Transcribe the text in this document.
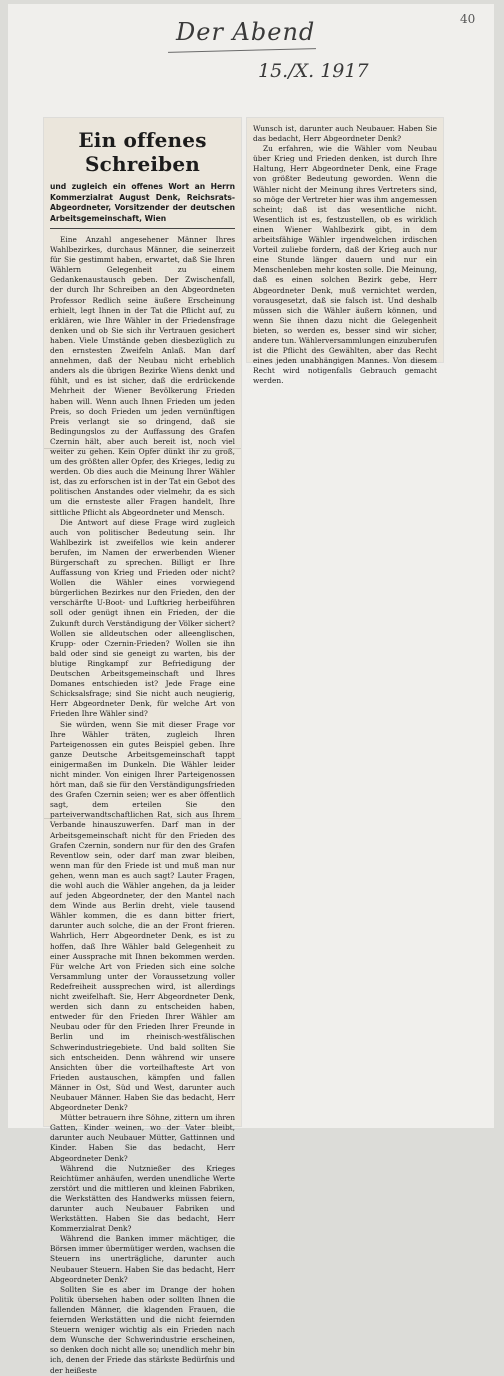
Der Abend
15./X. 1917
40
Ein offenes Schreiben
und zugleich ein offenes Wort an Herrn Kommerzialrat August Denk, Reichsrats-Abgeordneter, Vorsitzender der deutschen Arbeitsgemeinschaft, Wien

Eine Anzahl angesehener Männer Ihres Wahlbezirkes, durchaus Männer, die seinerzeit für Sie gestimmt haben, erwartet, daß Sie Ihren Wählern Gelegenheit zu einem Gedankenaustausch geben. Der Zwischenfall, der durch Ihr Schreiben an den Abgeordneten Professor Redlich seine äußere Erscheinung erhielt, legt Ihnen in der Tat die Pflicht auf, zu erklären, wie Ihre Wähler in der Friedensfrage denken und ob Sie sich ihr Vertrauen gesichert haben. Viele Umstände geben diesbezüglich zu den ernstesten Zweifeln Anlaß. Man darf annehmen, daß der Neubau nicht erheblich anders als die übrigen Bezirke Wiens denkt und fühlt, und es ist sicher, daß die erdrückende Mehrheit der Wiener Bevölkerung Frieden haben will. Wenn auch Ihnen Frieden um jeden Preis, so doch Frieden um jeden vernünftigen Preis verlangt sie so dringend, daß sie Bedingungslos zu der Auffassung des Grafen Czernin hält, aber auch bereit ist, noch viel weiter zu gehen. Kein Opfer dünkt ihr zu groß, um des größten aller Opfer, des Krieges, ledig zu werden. Ob dies auch die Meinung Ihrer Wähler ist, das zu erforschen ist in der Tat ein Gebot des politischen Anstandes oder vielmehr, da es sich um die ernsteste aller Fragen handelt, Ihre sittliche Pflicht als Abgeordneter und Mensch.

Die Antwort auf diese Frage wird zugleich auch von politischer Bedeutung sein. Ihr Wahlbezirk ist zweifellos wie kein anderer berufen, im Namen der erwerbenden Wiener Bürgerschaft zu sprechen. Billigt er Ihre Auffassung von Krieg und Frieden oder nicht? Wollen die Wähler eines vorwiegend bürgerlichen Bezirkes nur den Frieden, den der verschärfte U-Boot- und Luftkrieg herbeiführen soll oder genügt ihnen ein Frieden, der die Zukunft durch Verständigung der Völker sichert? Wollen sie alldeutschen oder alleenglischen, Krupp- oder Czernin-Frieden? Wollen sie ihn bald oder sind sie geneigt zu warten, bis der blutige Ringkampf zur Befriedigung der Deutschen Arbeitsgemeinschaft und Ihres Domanes entschieden ist? Jede Frage eine Schicksalsfrage; sind Sie nicht auch neugierig, Herr Abgeordneter Denk, für welche Art von Frieden Ihre Wähler sind?

Sie würden, wenn Sie mit dieser Frage vor Ihre Wähler träten, zugleich Ihren Parteigenossen ein gutes Beispiel geben. Ihre ganze Deutsche Arbeitsgemeinschaft tappt einigermaßen im Dunkeln. Die Wähler leider nicht minder. Von einigen Ihrer Parteigenossen hört man, daß sie für den Verständigungsfrieden des Grafen Czernin seien; wer es aber öffentlich sagt, dem erteilen Sie den parteiverwandtschaftlichen Rat, sich aus Ihrem Verbande hinauszuwerfen. Darf man in der Arbeitsgemeinschaft nicht für den Frieden des Grafen Czernin, sondern nur für den des Grafen Reventlow sein, oder darf man zwar bleiben, wenn man für den Friede ist und muß man nur gehen, wenn man es auch sagt? Lauter Fragen, die wohl auch die Wähler angehen, da ja leider auf jeden Abgeordneter, der den Mantel nach dem Winde aus Berlin dreht, viele tausend Wähler kommen, die es dann bitter friert, darunter auch solche, die an der Front frieren. Wahrlich, Herr Abgeordneter Denk, es ist zu hoffen, daß Ihre Wähler bald Gelegenheit zu einer Aussprache mit Ihnen bekommen werden. Für welche Art von Frieden sich eine solche Versammlung unter der Voraussetzung voller Redefreiheit aussprechen wird, ist allerdings nicht zweifelhaft. Sie, Herr Abgeordneter Denk, werden sich dann zu entscheiden haben, entweder für den Frieden Ihrer Wähler am Neubau oder für den Frieden Ihrer Freunde in Berlin und im rheinisch-westfälischen Schwerindustriegebiete. Und bald sollten Sie sich entscheiden. Denn während wir unsere Ansichten über die vorteilhafteste Art von Frieden austauschen, kämpfen und fallen Männer in Ost, Süd und West, darunter auch Neubauer Männer. Haben Sie das bedacht, Herr Abgeordneter Denk?

Mütter betrauern ihre Söhne, zittern um ihren Gatten, Kinder weinen, wo der Vater bleibt, darunter auch Neubauer Mütter, Gattinnen und Kinder. Haben Sie das bedacht, Herr Abgeordneter Denk?

Während die Nutznießer des Krieges Reichtümer anhäufen, werden unendliche Werte zerstört und die mittleren und kleinen Fabriken, die Werkstätten des Handwerks müssen feiern, darunter auch Neubauer Fabriken und Werkstätten. Haben Sie das bedacht, Herr Kommerzialrat Denk?

Während die Banken immer mächtiger, die Börsen immer übermütiger werden, wachsen die Steuern ins unerträgliche, darunter auch Neubauer Steuern. Haben Sie das bedacht, Herr Abgeordneter Denk?

Sollten Sie es aber im Drange der hohen Politik übersehen haben oder sollten Ihnen die fallenden Männer, die klagenden Frauen, die feiernden Werkstätten und die nicht feiernden Steuern weniger wichtig als ein Frieden nach dem Wunsche der Schwerindustrie erscheinen, so denken doch nicht alle so; unendlich mehr bin ich, denen der Friede das stärkste Bedürfnis und der heißeste

Wunsch ist, darunter auch Neubauer. Haben Sie das bedacht, Herr Abgeordneter Denk?

Zu erfahren, wie die Wähler vom Neubau über Krieg und Frieden denken, ist durch Ihre Haltung, Herr Abgeordneter Denk, eine Frage von größter Bedeutung geworden. Wenn die Wähler nicht der Meinung ihres Vertreters sind, so möge der Vertreter hier was ihm angemessen scheint; daß ist das wesentliche nicht. Wesentlich ist es, festzustellen, ob es wirklich einen Wiener Wahlbezirk gibt, in dem arbeitsfähige Wähler irgendwelchen irdischen Vorteil zuliebe fordern, daß der Krieg auch nur eine Stunde länger dauern und nur ein Menschenleben mehr kosten solle. Die Meinung, daß es einen solchen Bezirk gebe, Herr Abgeordneter Denk, muß vernichtet werden, vorausgesetzt, daß sie falsch ist. Und deshalb müssen sich die Wähler äußern können, und wenn Sie ihnen dazu nicht die Gelegenheit bieten, so werden es, besser sind wir sicher, andere tun. Wählerversammlungen einzuberufen ist die Pflicht des Gewählten, aber das Recht eines jeden unabhängigen Mannes. Von diesem Recht wird notigenfalls Gebrauch gemacht werden.
